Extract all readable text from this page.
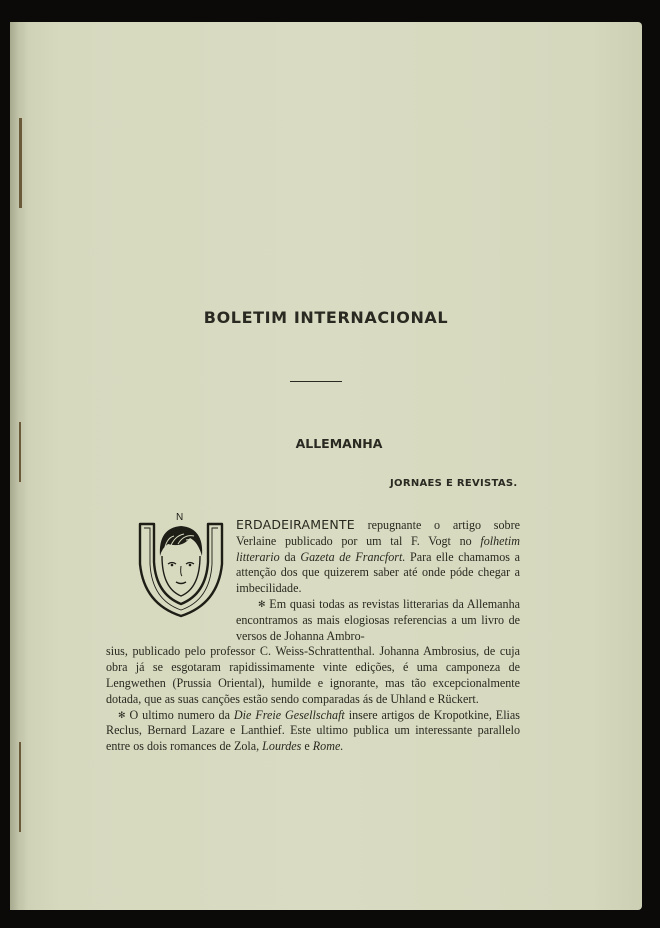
BOLETIM INTERNACIONAL
ALLEMANHA
JORNAES E REVISTAS.
N	ERDADEIRAMENTE repugnante o artigo sobre Verlaine publicado por um tal F. Vogt no folhetim litterario da Gazeta de Francfort. Para elle chamamos a attenção dos que quizerem saber até onde póde chegar a imbecilidade.

✻ Em quasi todas as revistas litterarias da Allemanha encontramos as mais elogiosas referencias a um livro de versos de Johanna Ambro-

sius, publicado pelo professor C. Weiss-Schrattenthal. Johanna Ambrosius, de cuja obra já se esgotaram rapidissimamente vinte edições, é uma camponeza de Lengwethen (Prussia Oriental), humilde e ignorante, mas tão excepcionalmente dotada, que as suas canções estão sendo comparadas ás de Uhland e Rückert.

✻ O ultimo numero da Die Freie Gesellschaft insere artigos de Kropotkine, Elias Reclus, Bernard Lazare e Lanthief. Este ultimo publica um interessante parallelo entre os dois romances de Zola, Lourdes e Rome.
